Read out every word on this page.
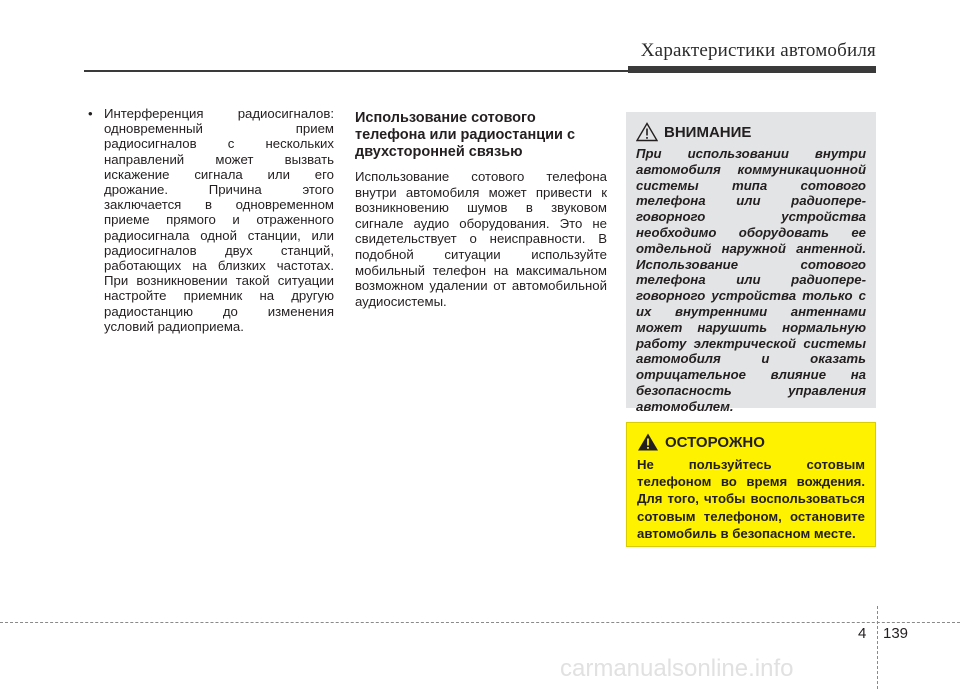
Характеристики автомобиля
• Интерференция радиосигналов: одновременный прием радиосигналов с нескольких направлений может вызвать искажение сигнала или его дрожание. Причина этого заключается в одновременном приеме прямого и отраженного радиосигнала одной станции, или радиосигналов двух станций, работающих на близких частотах. При возникновении такой ситуации настройте приемник на другую радиостанцию до изменения условий радиоприема.
Использование сотового телефона или радиостанции с двухсторонней связью

Использование сотового телефона внутри автомобиля может привести к возникновению шумов в звуковом сигнале аудио оборудования. Это не свидетельствует о неисправности. В подобной ситуации используйте мобильный телефон на максимальном возможном удалении от автомобильной аудиосистемы.

ВНИМАНИЕ
При использовании внутри автомобиля коммуникационной системы типа сотового телефона или радиопере- говорного устройства необходимо оборудовать ее отдельной наружной антенной. Использование сотового телефона или радиопере- говорного устройства только с их внутренними антеннами может нарушить нормальную работу электрической системы автомобиля и оказать отрицательное влияние на безопасность управления автомобилем.
ОСТОРОЖНО
Не пользуйтесь сотовым телефоном во время вождения. Для того, чтобы воспользоваться сотовым телефоном, остановите автомобиль в безопасном месте.
4 139
carmanualsonline.info
